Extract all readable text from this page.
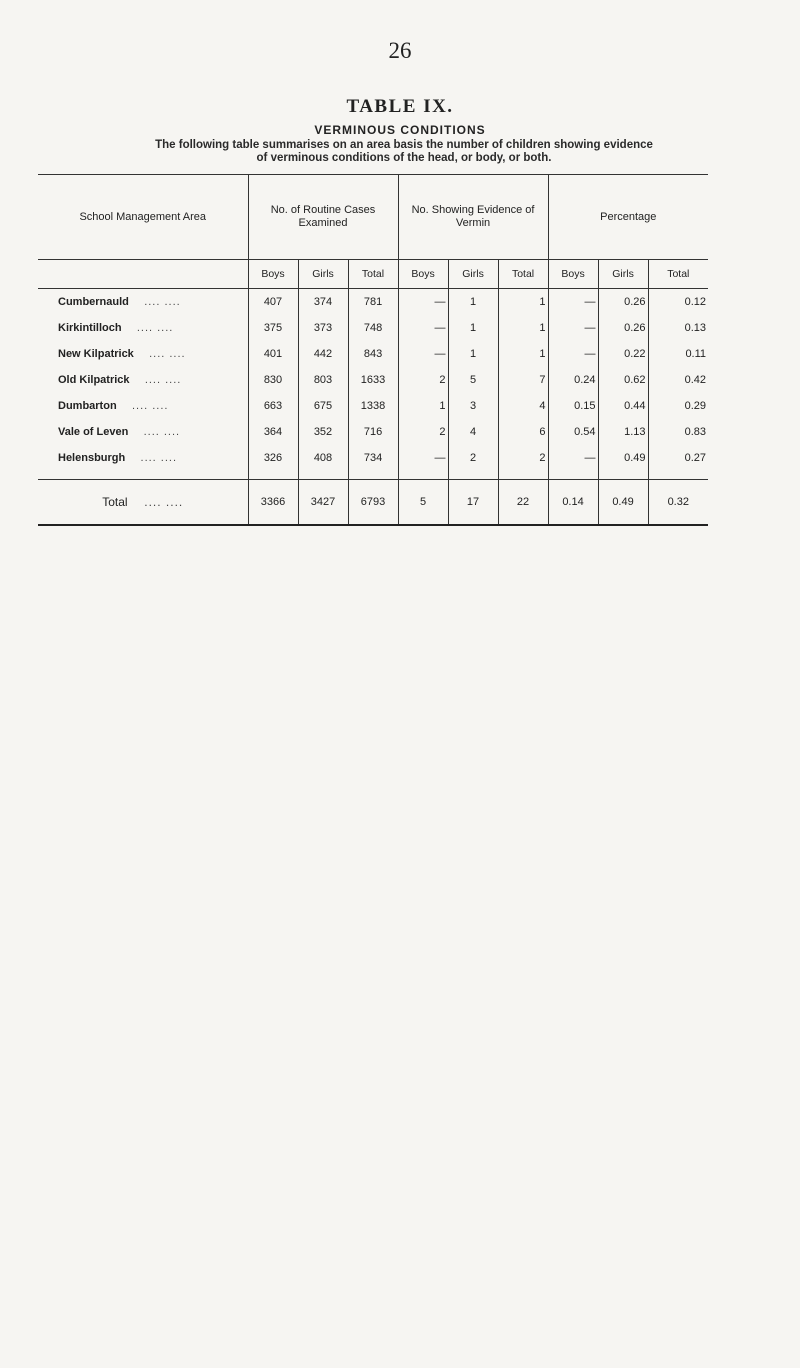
26
TABLE IX.
VERMINOUS CONDITIONS
The following table summarises on an area basis the number of children showing evidence
of verminous conditions of the head, or body, or both.
School Management Area	No. of Routine Cases Examined			No. Showing Evidence of Vermin			Percentage		
	Boys	Girls	Total	Boys	Girls	Total	Boys	Girls	Total
Cumbernauld .... ....	407	374	781	—	1	1	—	0.26	0.12
Kirkintilloch .... ....	375	373	748	—	1	1	—	0.26	0.13
New Kilpatrick .... ....	401	442	843	—	1	1	—	0.22	0.11
Old Kilpatrick .... ....	830	803	1633	2	5	7	0.24	0.62	0.42
Dumbarton .... ....	663	675	1338	1	3	4	0.15	0.44	0.29
Vale of Leven .... ....	364	352	716	2	4	6	0.54	1.13	0.83
Helensburgh .... ....	326	408	734	—	2	2	—	0.49	0.27

Total .... ....	3366	3427	6793	5	17	22	0.14	0.49	0.32
